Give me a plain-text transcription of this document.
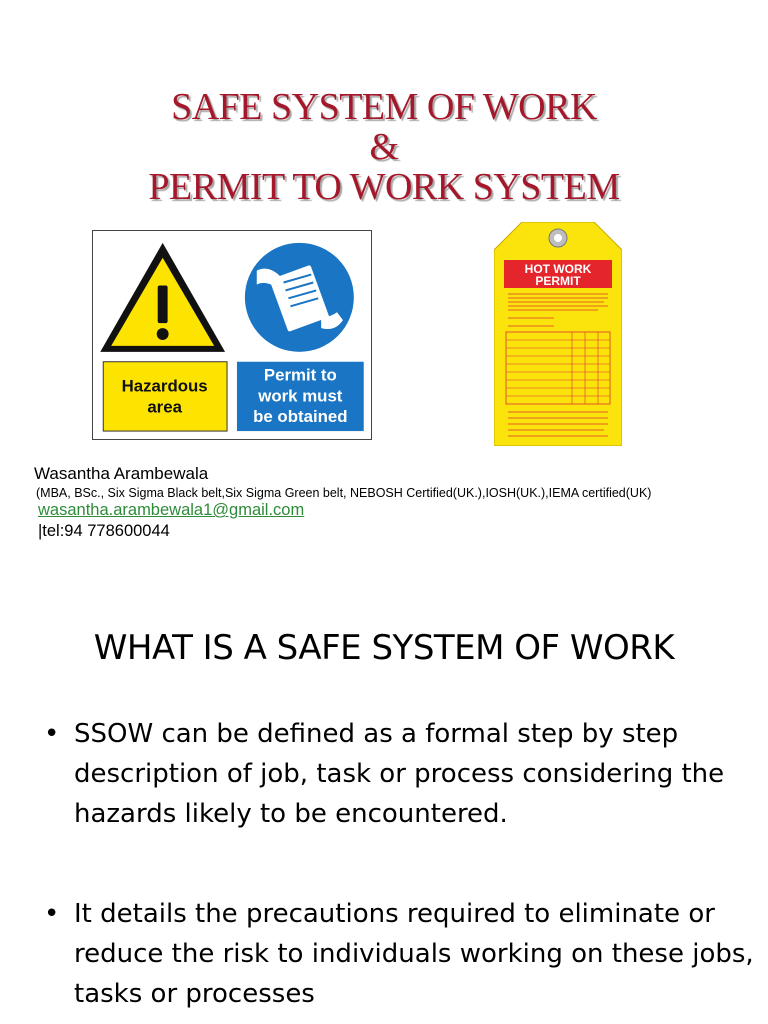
SAFE SYSTEM OF WORK
&
PERMIT TO WORK SYSTEM
Hazardous
area
Permit to
work must
be obtained
HOT WORK
PERMIT
Wasantha Arambewala
(MBA, BSc., Six Sigma Black belt,Six Sigma Green belt, NEBOSH Certified(UK.),IOSH(UK.),IEMA certified(UK)
wasantha.arambewala1@gmail.com
|tel:94 778600044
WHAT IS A SAFE SYSTEM OF WORK
• SSOW can be defined as a formal step by step description of job, task or process considering the hazards likely to be encountered.
• It details the precautions required to eliminate or reduce the risk to individuals working on these jobs, tasks or processes
